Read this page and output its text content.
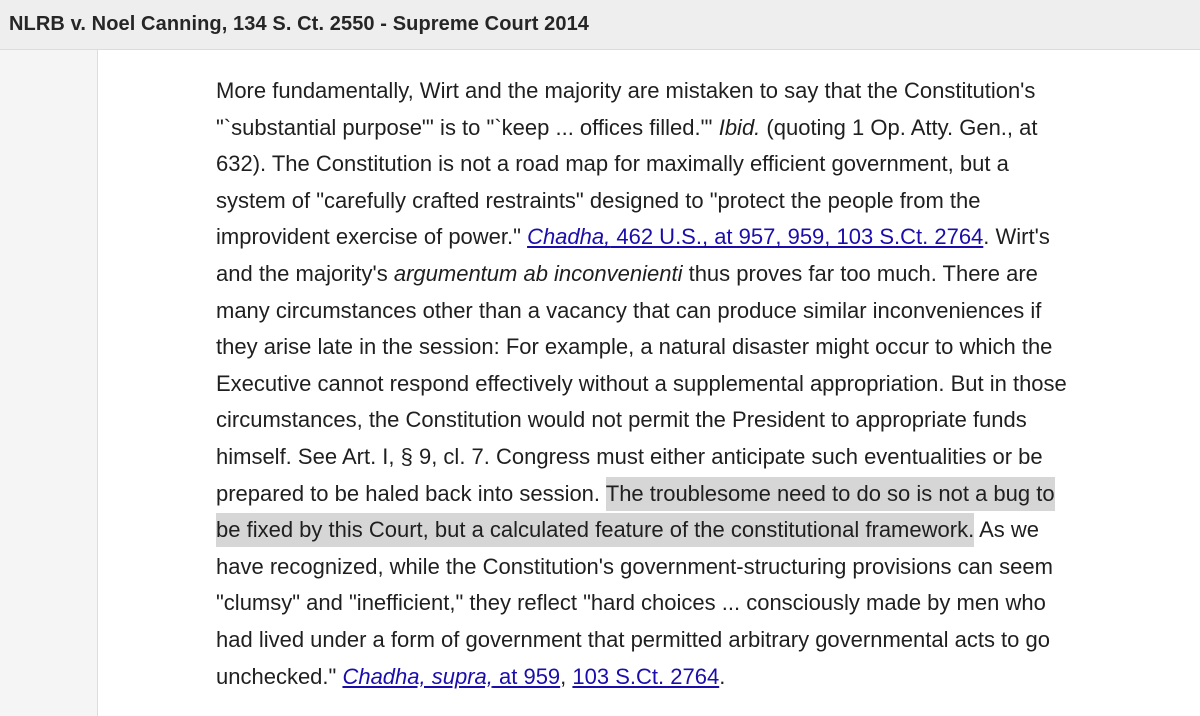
NLRB v. Noel Canning, 134 S. Ct. 2550 - Supreme Court 2014
More fundamentally, Wirt and the majority are mistaken to say that the Constitution's
"`substantial purpose"' is to "`keep ... offices filled."' Ibid. (quoting 1 Op. Atty. Gen., at
632). The Constitution is not a road map for maximally efficient government, but a
system of "carefully crafted restraints" designed to "protect the people from the
improvident exercise of power." Chadha, 462 U.S., at 957, 959, 103 S.Ct. 2764. Wirt's
and the majority's argumentum ab inconvenienti thus proves far too much. There are
many circumstances other than a vacancy that can produce similar inconveniences if
they arise late in the session: For example, a natural disaster might occur to which the
Executive cannot respond effectively without a supplemental appropriation. But in those
circumstances, the Constitution would not permit the President to appropriate funds
himself. See Art. I, § 9, cl. 7. Congress must either anticipate such eventualities or be
prepared to be haled back into session. The troublesome need to do so is not a bug to
be fixed by this Court, but a calculated feature of the constitutional framework. As we
have recognized, while the Constitution's government-structuring provisions can seem
"clumsy" and "inefficient," they reflect "hard choices ... consciously made by men who
had lived under a form of government that permitted arbitrary governmental acts to go
unchecked." Chadha, supra, at 959, 103 S.Ct. 2764.
